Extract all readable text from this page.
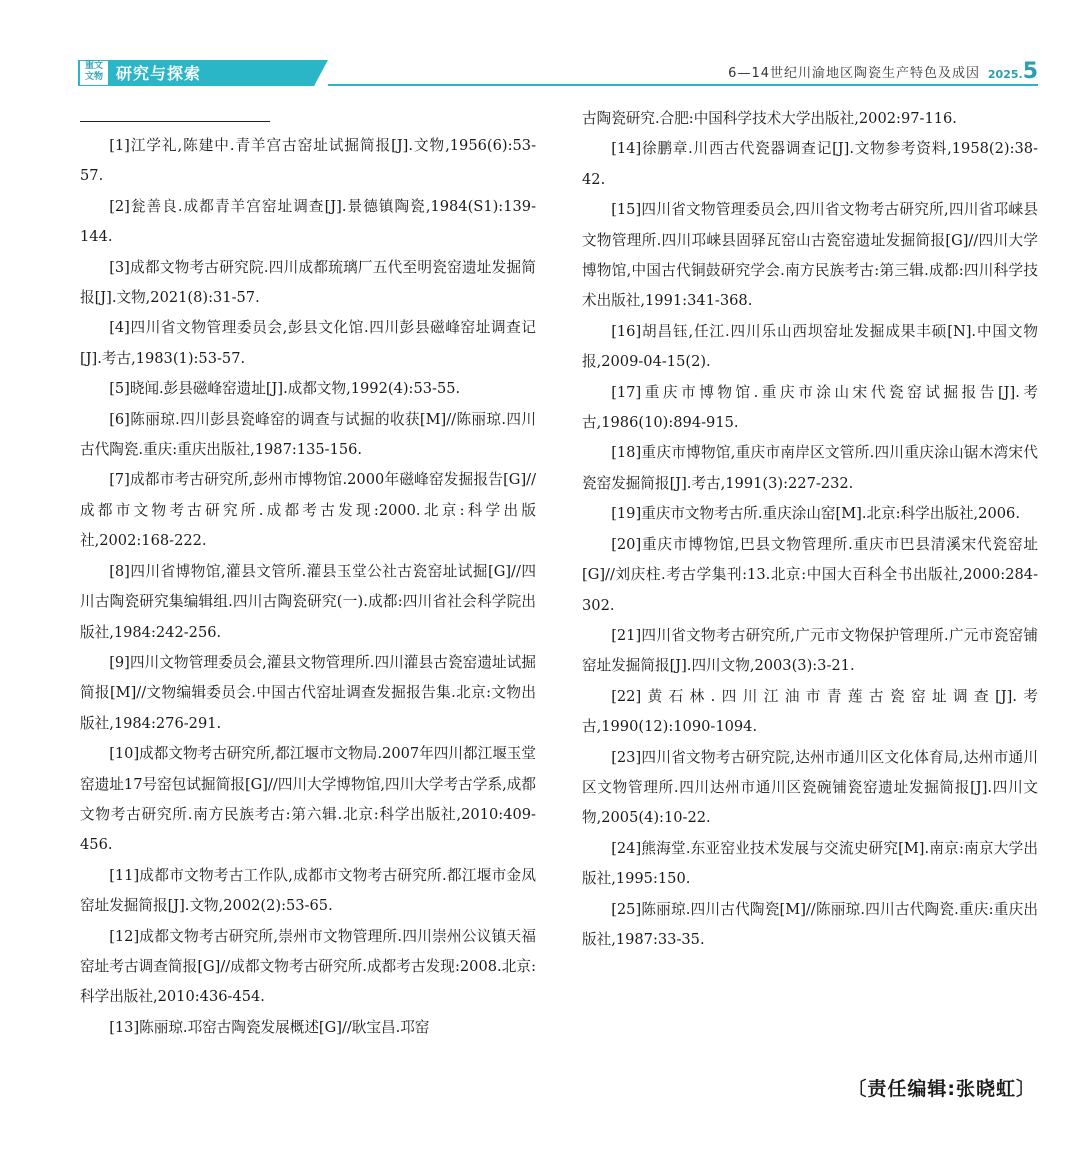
重文
文物 研究与探索	6—14世纪川渝地区陶瓷生产特色及成因 2025.5

[1]江学礼,陈建中.青羊宫古窑址试掘简报[J].文物,1956(6):53-57.

[2]瓮善良.成都青羊宫窑址调查[J].景德镇陶瓷,1984(S1):139-144.

[3]成都文物考古研究院.四川成都琉璃厂五代至明瓷窑遗址发掘简报[J].文物,2021(8):31-57.

[4]四川省文物管理委员会,彭县文化馆.四川彭县磁峰窑址调查记[J].考古,1983(1):53-57.

[5]晓闻.彭县磁峰窑遗址[J].成都文物,1992(4):53-55.

[6]陈丽琼.四川彭县瓷峰窑的调查与试掘的收获[M]//陈丽琼.四川古代陶瓷.重庆:重庆出版社,1987:135-156.

[7]成都市考古研究所,彭州市博物馆.2000年磁峰窑发掘报告[G]//成都市文物考古研究所.成都考古发现:2000.北京:科学出版社,2002:168-222.

[8]四川省博物馆,灌县文管所.灌县玉堂公社古瓷窑址试掘[G]//四川古陶瓷研究集编辑组.四川古陶瓷研究(一).成都:四川省社会科学院出版社,1984:242-256.

[9]四川文物管理委员会,灌县文物管理所.四川灌县古瓷窑遗址试掘简报[M]//文物编辑委员会.中国古代窑址调查发掘报告集.北京:文物出版社,1984:276-291.

[10]成都文物考古研究所,都江堰市文物局.2007年四川都江堰玉堂窑遗址17号窑包试掘简报[G]//四川大学博物馆,四川大学考古学系,成都文物考古研究所.南方民族考古:第六辑.北京:科学出版社,2010:409-456.

[11]成都市文物考古工作队,成都市文物考古研究所.都江堰市金凤窑址发掘简报[J].文物,2002(2):53-65.

[12]成都文物考古研究所,崇州市文物管理所.四川崇州公议镇天福窑址考古调查简报[G]//成都文物考古研究所.成都考古发现:2008.北京:科学出版社,2010:436-454.

[13]陈丽琼.邛窑古陶瓷发展概述[G]//耿宝昌.邛窑

古陶瓷研究.合肥:中国科学技术大学出版社,2002:97-116.

[14]徐鹏章.川西古代瓷器调查记[J].文物参考资料,1958(2):38-42.

[15]四川省文物管理委员会,四川省文物考古研究所,四川省邛崃县文物管理所.四川邛崃县固驿瓦窑山古瓷窑遗址发掘简报[G]//四川大学博物馆,中国古代铜鼓研究学会.南方民族考古:第三辑.成都:四川科学技术出版社,1991:341-368.

[16]胡昌钰,任江.四川乐山西坝窑址发掘成果丰硕[N].中国文物报,2009-04-15(2).

[17]重庆市博物馆.重庆市涂山宋代瓷窑试掘报告[J].考古,1986(10):894-915.

[18]重庆市博物馆,重庆市南岸区文管所.四川重庆涂山锯木湾宋代瓷窑发掘简报[J].考古,1991(3):227-232.

[19]重庆市文物考古所.重庆涂山窑[M].北京:科学出版社,2006.

[20]重庆市博物馆,巴县文物管理所.重庆市巴县清溪宋代瓷窑址[G]//刘庆柱.考古学集刊:13.北京:中国大百科全书出版社,2000:284-302.

[21]四川省文物考古研究所,广元市文物保护管理所.广元市瓷窑铺窑址发掘简报[J].四川文物,2003(3):3-21.

[22]黄石林.四川江油市青莲古瓷窑址调查[J].考古,1990(12):1090-1094.

[23]四川省文物考古研究院,达州市通川区文化体育局,达州市通川区文物管理所.四川达州市通川区瓷碗铺瓷窑遗址发掘简报[J].四川文物,2005(4):10-22.

[24]熊海堂.东亚窑业技术发展与交流史研究[M].南京:南京大学出版社,1995:150.

[25]陈丽琼.四川古代陶瓷[M]//陈丽琼.四川古代陶瓷.重庆:重庆出版社,1987:33-35.

〔责任编辑:张晓虹〕
